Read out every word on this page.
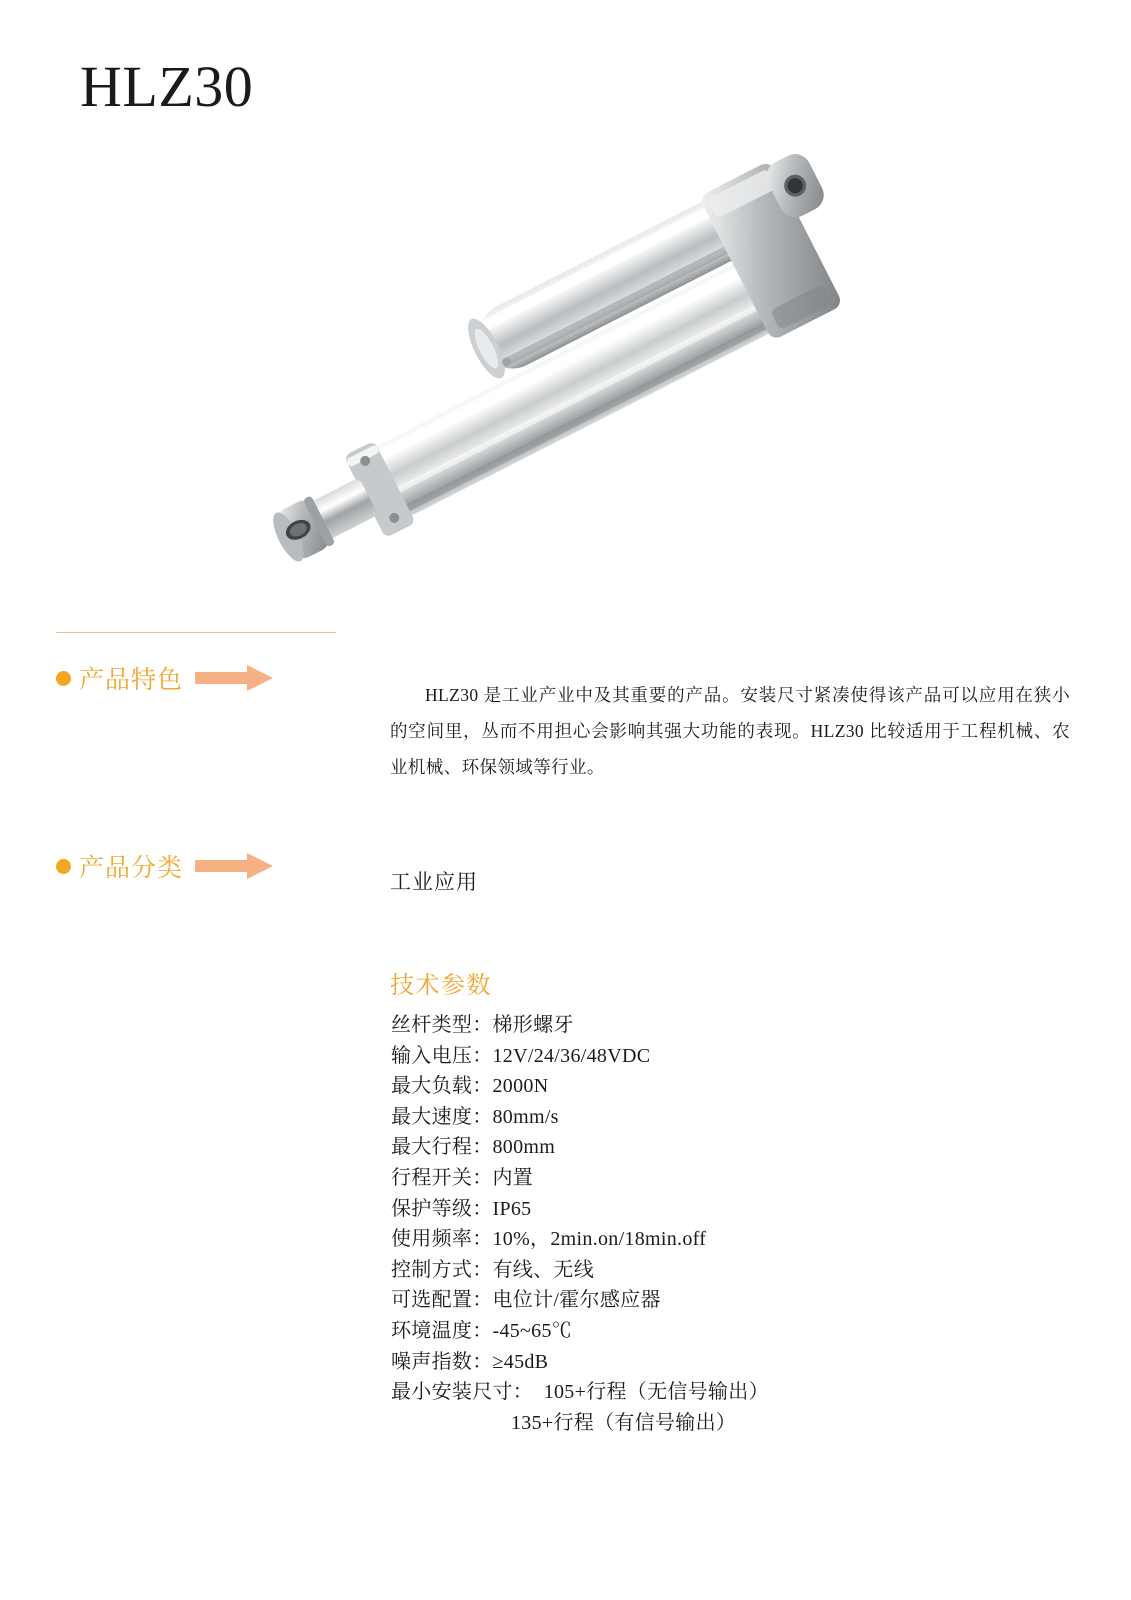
HLZ30
产品特色
HLZ30 是工业产业中及其重要的产品。安装尺寸紧凑使得该产品可以应用在狭小的空间里，丛而不用担心会影响其强大功能的表现。HLZ30 比较适用于工程机械、农业机械、环保领域等行业。
产品分类	工业应用
技术参数
丝杆类型：梯形螺牙
输入电压：12V/24/36/48VDC
最大负载：2000N
最大速度：80mm/s
最大行程：800mm
行程开关：内置
保护等级：IP65
使用频率：10%，2min.on/18min.off
控制方式：有线、无线
可选配置：电位计/霍尔感应器
环境温度：-45~65℃
噪声指数：≥45dB
最小安装尺寸：  105+行程（无信号输出）
135+行程（有信号输出）
